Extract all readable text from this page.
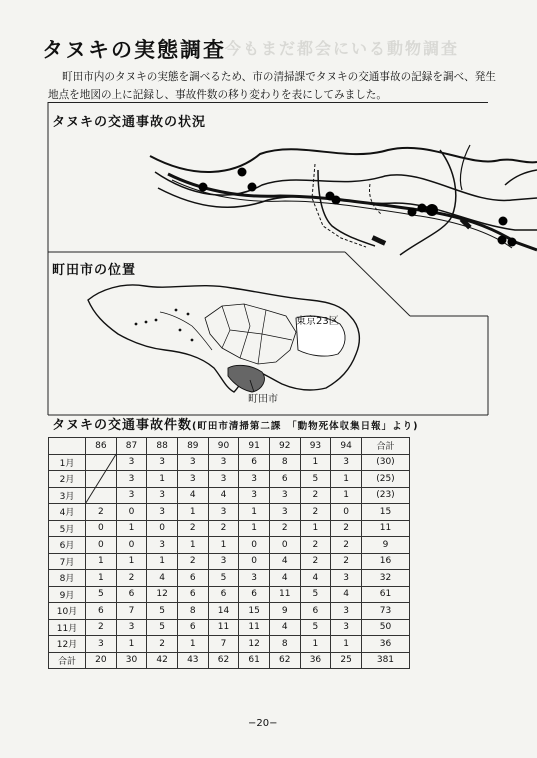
タヌキの実態調査 今もまだ都会にいる動物調査
町田市内のタヌキの実態を調べるため、市の清掃課でタヌキの交通事故の記録を調べ、発生地点を地図の上に記録し、事故件数の移り変わりを表にしてみました。
タヌキの交通事故の状況
町田市の位置
東京23区
町田市
タヌキの交通事故件数(町田市清掃第二課　「動物死体収集日報」より)
	86	87	88	89	90	91	92	93	94	合計
1月		3	3	3	3	6	8	1	3	(30)
2月		3	1	3	3	3	6	5	1	(25)
3月		3	3	4	4	3	3	2	1	(23)
4月	2	0	3	1	3	1	3	2	0	15
5月	0	1	0	2	2	1	2	1	2	11
6月	0	0	3	1	1	0	0	2	2	9
7月	1	1	1	2	3	0	4	2	2	16
8月	1	2	4	6	5	3	4	4	3	32
9月	5	6	12	6	6	6	11	5	4	61
10月	6	7	5	8	14	15	9	6	3	73
11月	2	3	5	6	11	11	4	5	3	50
12月	3	1	2	1	7	12	8	1	1	36
合計	20	30	42	43	62	61	62	36	25	381
−20−
